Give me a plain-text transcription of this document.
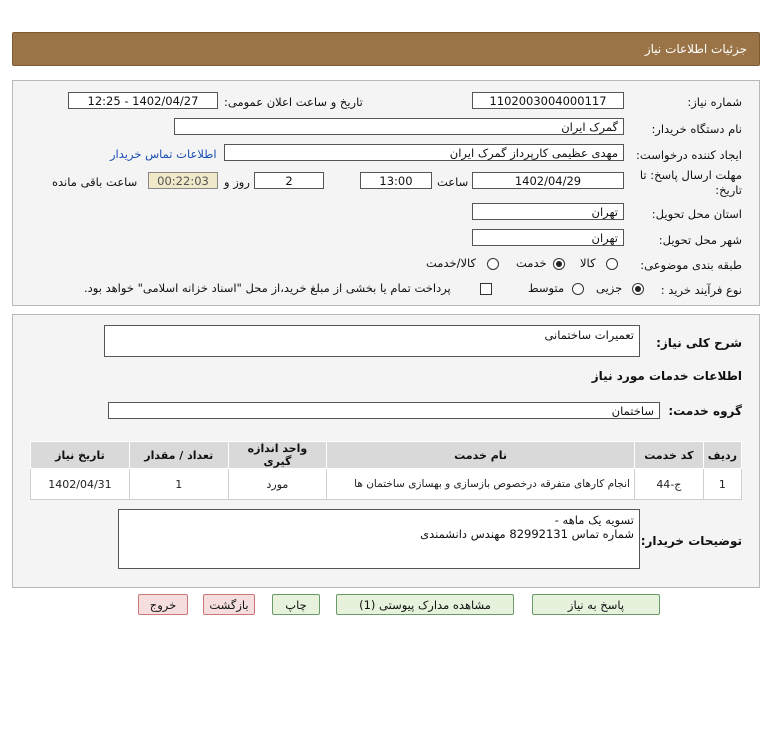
جزئیات اطلاعات نیاز
شماره نیاز:
1102003004000117
تاریخ و ساعت اعلان عمومی:
1402/04/27 - 12:25
نام دستگاه خریدار:
گمرک ایران
ایجاد کننده درخواست:
مهدی عظیمی کارپرداز گمرک ایران
اطلاعات تماس خریدار
مهلت ارسال پاسخ: تا
تاریخ:
1402/04/29
ساعت
13:00
2
روز و
00:22:03
ساعت باقی مانده
استان محل تحویل:
تهران
شهر محل تحویل:
تهران
طبقه بندی موضوعی:
کالا
خدمت
کالا/خدمت
نوع فرآیند خرید :
جزیی
متوسط
پرداخت تمام یا بخشی از مبلغ خرید،از محل "اسناد خزانه اسلامی" خواهد بود.
شرح کلی نیاز:
تعمیرات ساختمانی
اطلاعات خدمات مورد نیاز
گروه خدمت:
ساختمان
ردیف	کد خدمت	نام خدمت	واحد اندازه گیری	تعداد / مقدار	تاریخ نیاز
1	ج-44	انجام کارهای متفرقه درخصوص بازسازی و بهسازی ساختمان ها	مورد	1	1402/04/31
توضیحات خریدار:
تسویه یک ماهه -
شماره تماس 82992131 مهندس دانشمندی
پاسخ به نیاز
مشاهده مدارک پیوستی (1)
چاپ
بازگشت
خروج
